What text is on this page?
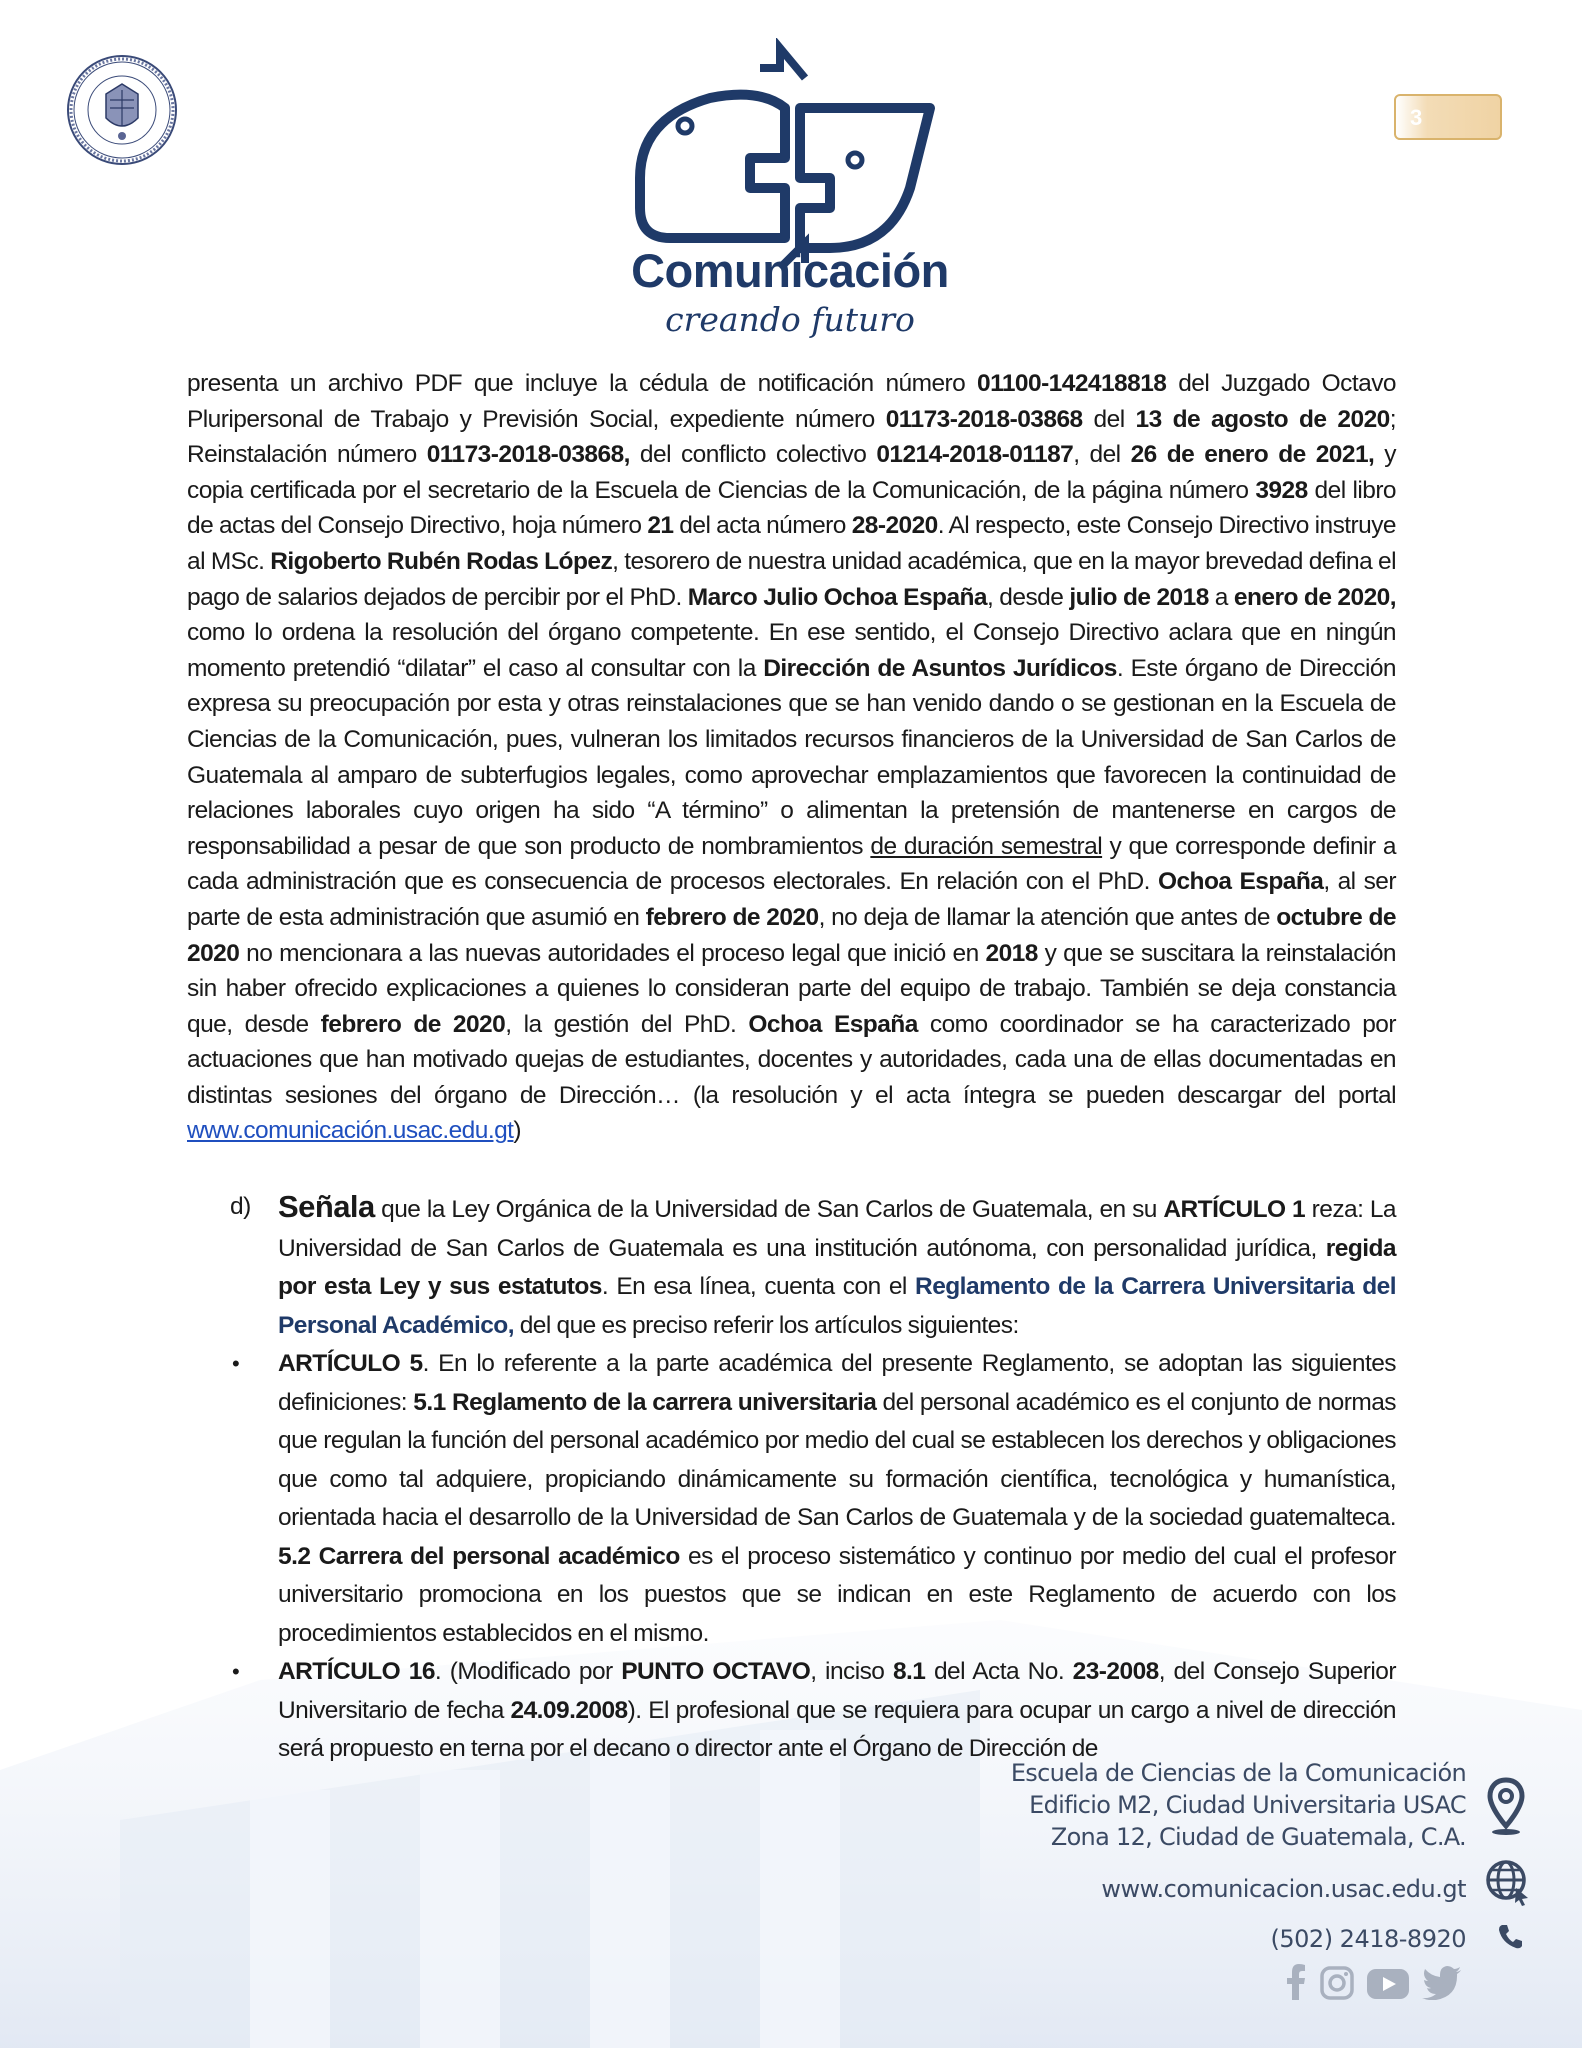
Comunicación
creando futuro
3
presenta un archivo PDF que incluye la cédula de notificación número 01100-142418818 del Juzgado Octavo Pluripersonal de Trabajo y Previsión Social, expediente número 01173-2018-03868 del 13 de agosto de 2020; Reinstalación número 01173-2018-03868, del conflicto colectivo 01214-2018-01187, del 26 de enero de 2021, y copia certificada por el secretario de la Escuela de Ciencias de la Comunicación, de la página número 3928 del libro de actas del Consejo Directivo, hoja número 21 del acta número 28-2020. Al respecto, este Consejo Directivo instruye al MSc. Rigoberto Rubén Rodas López, tesorero de nuestra unidad académica, que en la mayor brevedad defina el pago de salarios dejados de percibir por el PhD. Marco Julio Ochoa España, desde julio de 2018 a enero de 2020, como lo ordena la resolución del órgano competente. En ese sentido, el Consejo Directivo aclara que en ningún momento pretendió “dilatar” el caso al consultar con la Dirección de Asuntos Jurídicos. Este órgano de Dirección expresa su preocupación por esta y otras reinstalaciones que se han venido dando o se gestionan en la Escuela de Ciencias de la Comunicación, pues, vulneran los limitados recursos financieros de la Universidad de San Carlos de Guatemala al amparo de subterfugios legales, como aprovechar emplazamientos que favorecen la continuidad de relaciones laborales cuyo origen ha sido “A término” o alimentan la pretensión de mantenerse en cargos de responsabilidad a pesar de que son producto de nombramientos de duración semestral y que corresponde definir a cada administración que es consecuencia de procesos electorales. En relación con el PhD. Ochoa España, al ser parte de esta administración que asumió en febrero de 2020, no deja de llamar la atención que antes de octubre de 2020 no mencionara a las nuevas autoridades el proceso legal que inició en 2018 y que se suscitara la reinstalación sin haber ofrecido explicaciones a quienes lo consideran parte del equipo de trabajo. También se deja constancia que, desde febrero de 2020, la gestión del PhD. Ochoa España como coordinador se ha caracterizado por actuaciones que han motivado quejas de estudiantes, docentes y autoridades, cada una de ellas documentadas en distintas sesiones del órgano de Dirección… (la resolución y el acta íntegra se pueden descargar del portal www.comunicación.usac.edu.gt)

d) Señala que la Ley Orgánica de la Universidad de San Carlos de Guatemala, en su ARTÍCULO 1 reza: La Universidad de San Carlos de Guatemala es una institución autónoma, con personalidad jurídica, regida por esta Ley y sus estatutos. En esa línea, cuenta con el Reglamento de la Carrera Universitaria del Personal Académico, del que es preciso referir los artículos siguientes:

• ARTÍCULO 5. En lo referente a la parte académica del presente Reglamento, se adoptan las siguientes definiciones: 5.1 Reglamento de la carrera universitaria del personal académico es el conjunto de normas que regulan la función del personal académico por medio del cual se establecen los derechos y obligaciones que como tal adquiere, propiciando dinámicamente su formación científica, tecnológica y humanística, orientada hacia el desarrollo de la Universidad de San Carlos de Guatemala y de la sociedad guatemalteca. 5.2 Carrera del personal académico es el proceso sistemático y continuo por medio del cual el profesor universitario promociona en los puestos que se indican en este Reglamento de acuerdo con los procedimientos establecidos en el mismo.

• ARTÍCULO 16. (Modificado por PUNTO OCTAVO, inciso 8.1 del Acta No. 23-2008, del Consejo Superior Universitario de fecha 24.09.2008). El profesional que se requiera para ocupar un cargo a nivel de dirección será propuesto en terna por el decano o director ante el Órgano de Dirección de

Escuela de Ciencias de la Comunicación
Edificio M2, Ciudad Universitaria USAC
Zona 12, Ciudad de Guatemala, C.A.
www.comunicacion.usac.edu.gt
(502) 2418-8920
